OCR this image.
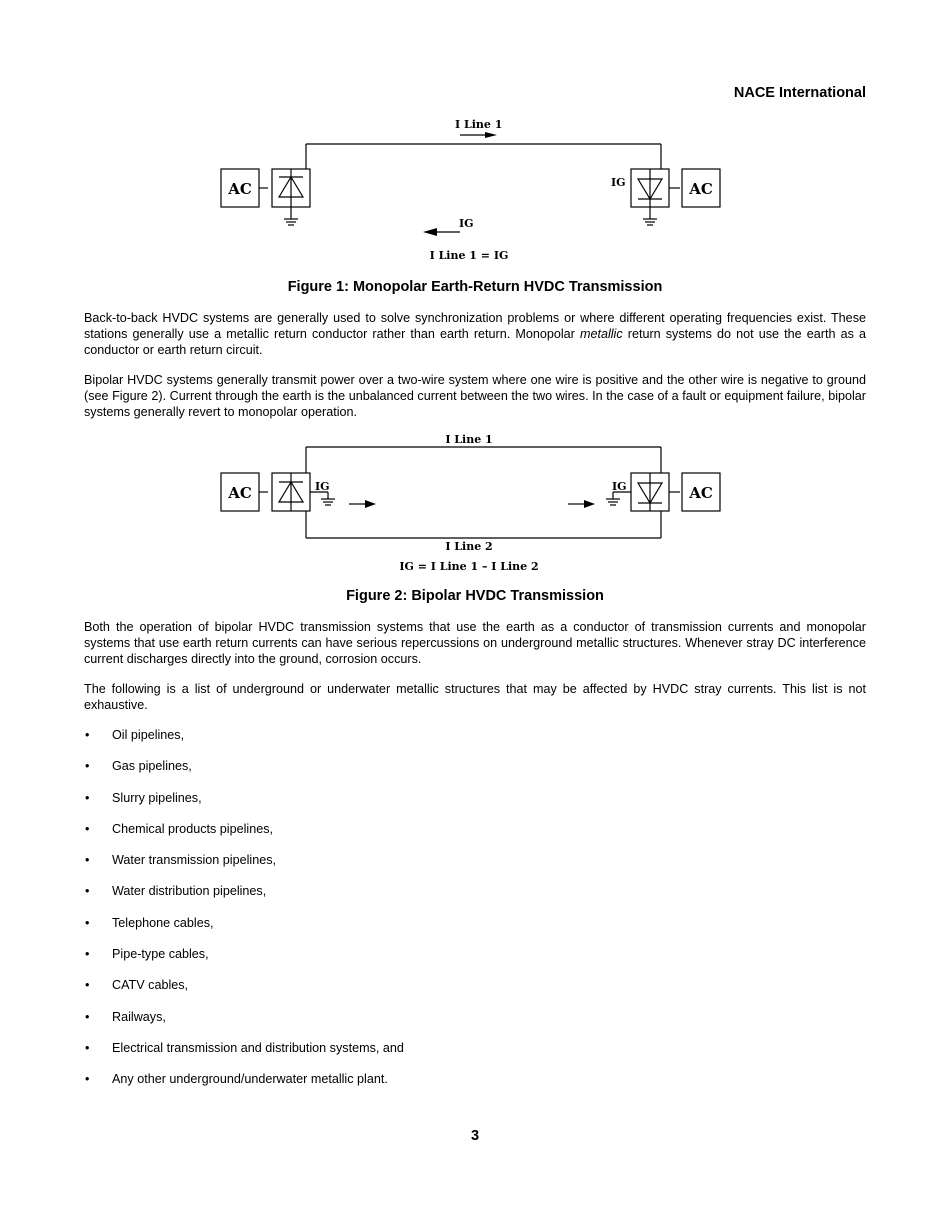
NACE International
I Line 1
AC	AC
IG
IG
I Line 1 = IG
Figure 1: Monopolar Earth-Return HVDC Transmission

Back-to-back HVDC systems are generally used to solve synchronization problems or where different operating frequencies exist. These stations generally use a metallic return conductor rather than earth return. Monopolar metallic return systems do not use the earth as a conductor or earth return circuit.

Bipolar HVDC systems generally transmit power over a two-wire system where one wire is positive and the other wire is negative to ground (see Figure 2). Current through the earth is the unbalanced current between the two wires. In the case of a fault or equipment failure, bipolar systems generally revert to monopolar operation.

I Line 1
AC	AC
IG	IG
I Line 2
IG = I Line 1 – I Line 2
Figure 2: Bipolar HVDC Transmission

Both the operation of bipolar HVDC transmission systems that use the earth as a conductor of transmission currents and monopolar systems that use earth return currents can have serious repercussions on underground metallic structures. Whenever stray DC interference current discharges directly into the ground, corrosion occurs.

The following is a list of underground or underwater metallic structures that may be affected by HVDC stray currents. This list is not exhaustive.

• Oil pipelines,
• Gas pipelines,
• Slurry pipelines,
• Chemical products pipelines,
• Water transmission pipelines,
• Water distribution pipelines,
• Telephone cables,
• Pipe-type cables,
• CATV cables,
• Railways,
• Electrical transmission and distribution systems, and
• Any other underground/underwater metallic plant.
3
